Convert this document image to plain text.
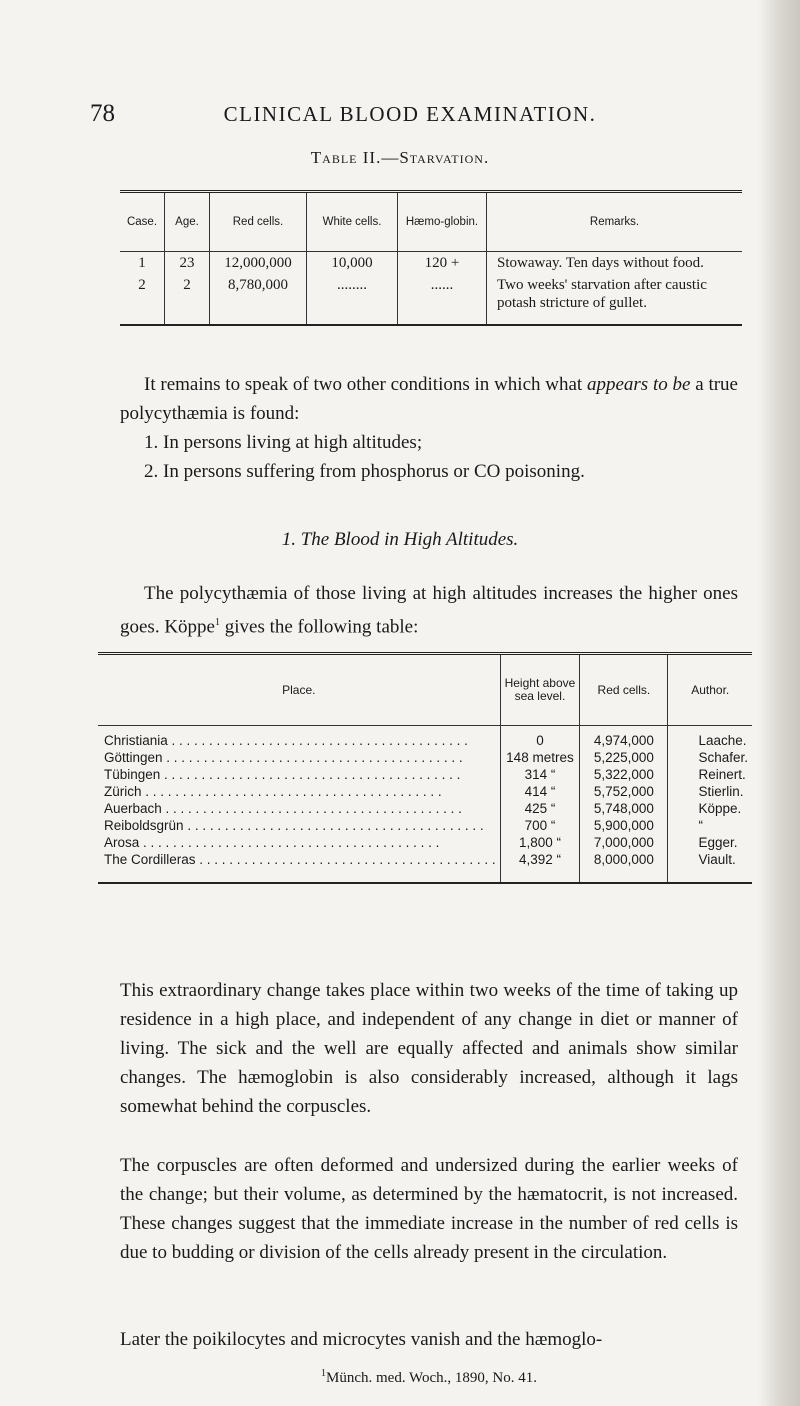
78	CLINICAL BLOOD EXAMINATION.
Table II.—Starvation.
Case.	Age.	Red cells.	White cells.	Hæmo-globin.	Remarks.
1	23	12,000,000	10,000	120 +	Stowaway. Ten days without food.
2	2	8,780,000	........	......	Two weeks' starvation after caustic potash stricture of gullet.

It remains to speak of two other conditions in which what appears to be a true polycythæmia is found:

1. In persons living at high altitudes;

2. In persons suffering from phosphorus or CO poisoning.

1. The Blood in High Altitudes.

The polycythæmia of those living at high altitudes increases the higher ones goes. Köppe$^1$ gives the following table:

Place.	Height above sea level.	Red cells.	Author.
Christiania . . .	0	4,974,000	Laache.
Göttingen . . .	148 metres	5,225,000	Schafer.
Tübingen . . .	314 “	5,322,000	Reinert.
Zürich . . .	414 “	5,752,000	Stierlin.
Auerbach . . .	425 “	5,748,000	Köppe.
Reiboldsgrün . . .	700 “	5,900,000	“
Arosa . . .	1,800 “	7,000,000	Egger.
The Cordilleras . . .	4,392 “	8,000,000	Viault.
This extraordinary change takes place within two weeks of the time of taking up residence in a high place, and independent of any change in diet or manner of living. The sick and the well are equally affected and animals show similar changes. The hæmoglobin is also considerably increased, although it lags somewhat behind the corpuscles.
The corpuscles are often deformed and undersized during the earlier weeks of the change; but their volume, as determined by the hæmatocrit, is not increased. These changes suggest that the immediate increase in the number of red cells is due to budding or division of the cells already present in the circulation.
Later the poikilocytes and microcytes vanish and the hæmoglo-
$^1$Münch. med. Woch., 1890, No. 41.
